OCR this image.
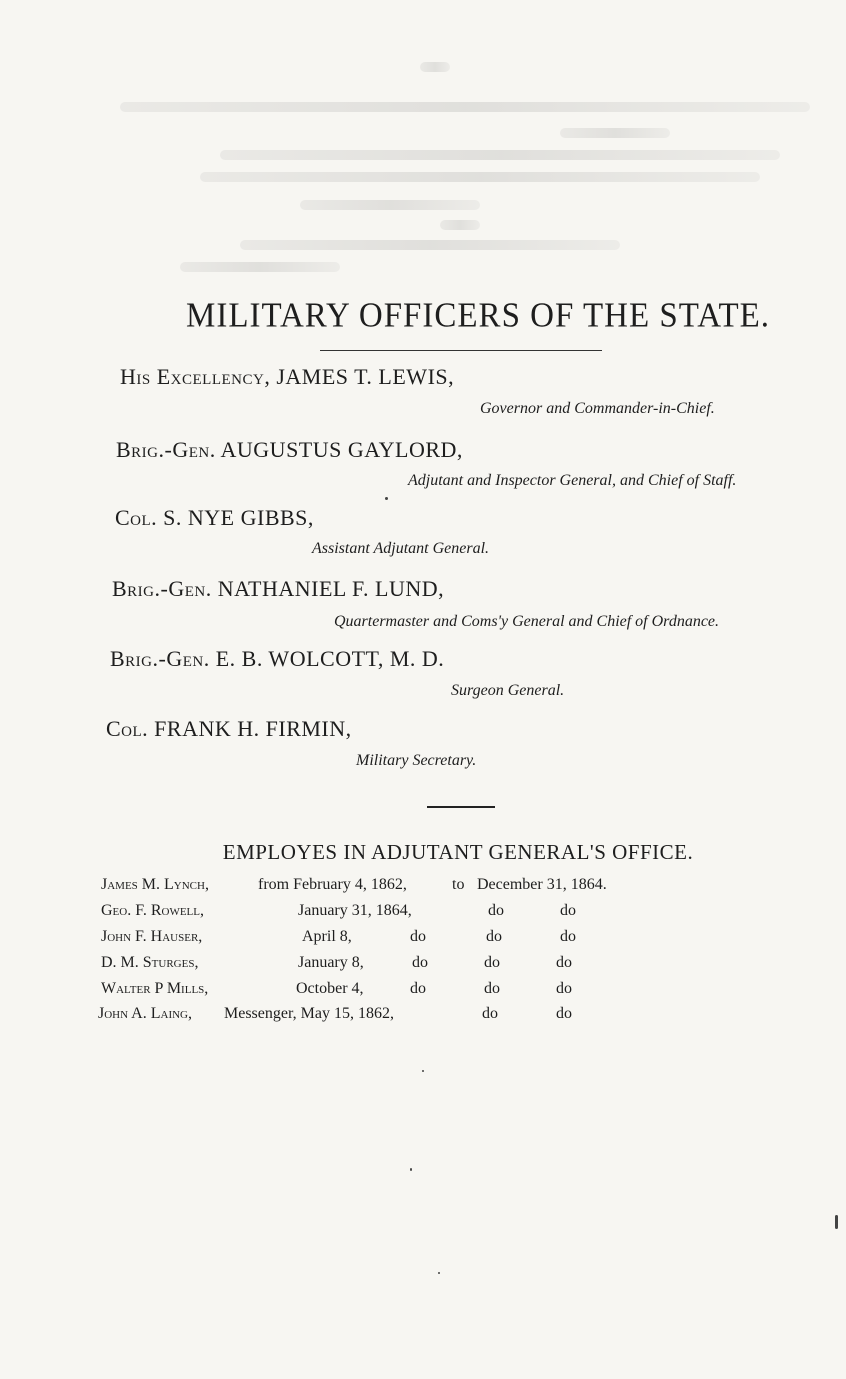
MILITARY OFFICERS OF THE STATE.
His Excellency, JAMES T. LEWIS,
Governor and Commander-in-Chief.
Brig.-Gen. AUGUSTUS GAYLORD,
Adjutant and Inspector General, and Chief of Staff.
Col. S. NYE GIBBS,
Assistant Adjutant General.
Brig.-Gen. NATHANIEL F. LUND,
Quartermaster and Coms'y General and Chief of Ordnance.
Brig.-Gen. E. B. WOLCOTT, M. D.
Surgeon General.
Col. FRANK H. FIRMIN,
Military Secretary.
EMPLOYES IN ADJUTANT GENERAL'S OFFICE.
James M. Lynch,	from February 4, 1862,	to December 31, 1864.
Geo. F. Rowell,	January 31, 1864,	do	do
John F. Hauser,	April 8,	do	do	do
D. M. Sturges,	January 8,	do	do	do
Walter P Mills,	October 4,	do	do	do
John A. Laing, Messenger, May 15, 1862,	do	do
